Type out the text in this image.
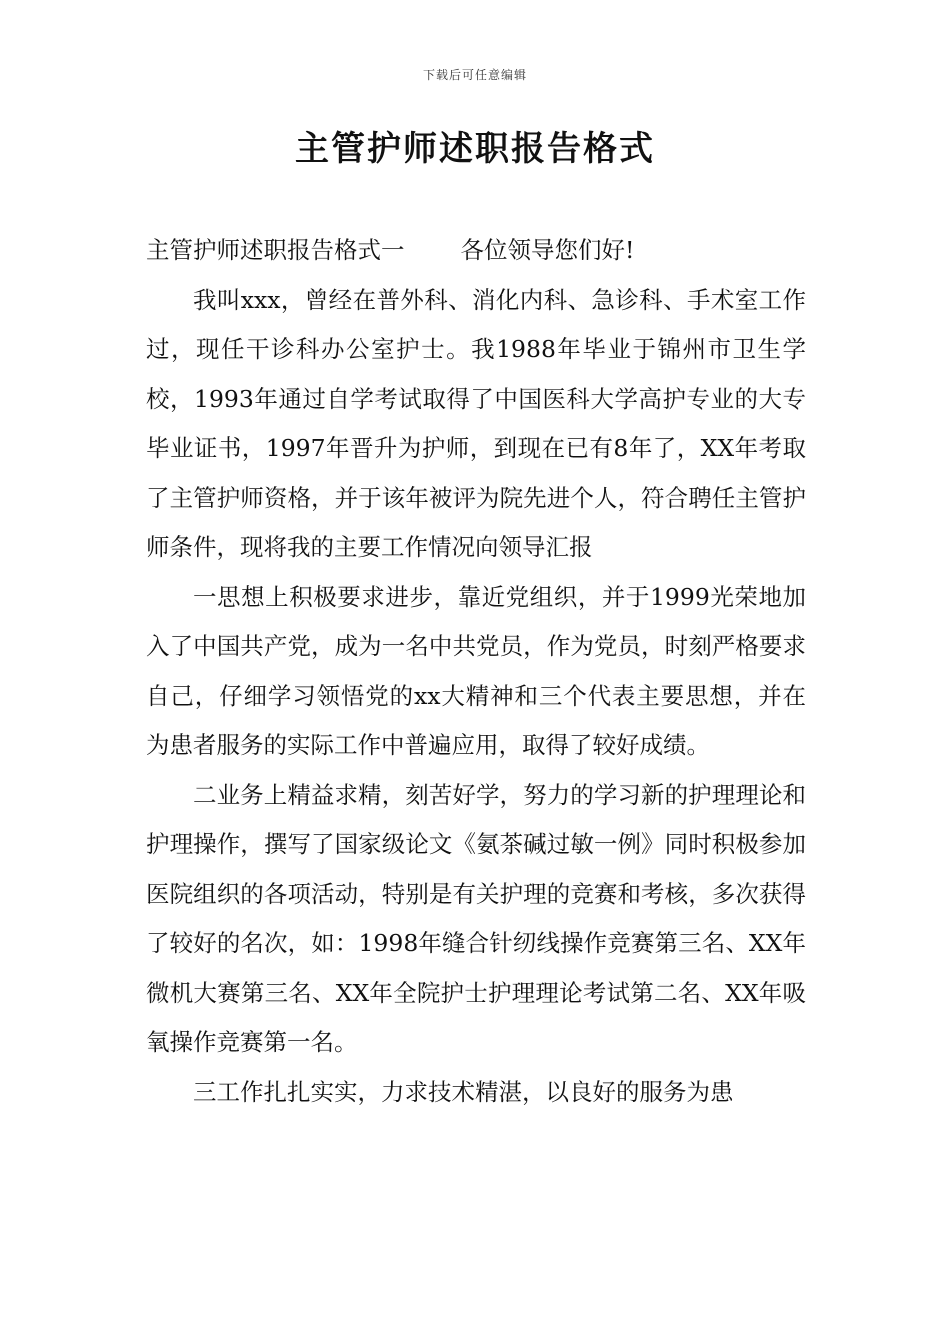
下载后可任意编辑
主管护师述职报告格式

主管护师述职报告格式一 各位领导您们好!

我叫xxx，曾经在普外科、消化内科、急诊科、手术室工作过，现任干诊科办公室护士。我1988年毕业于锦州市卫生学校，1993年通过自学考试取得了中国医科大学高护专业的大专毕业证书，1997年晋升为护师，到现在已有8年了，XX年考取了主管护师资格，并于该年被评为院先进个人，符合聘任主管护师条件，现将我的主要工作情况向领导汇报

一思想上积极要求进步，靠近党组织，并于1999光荣地加入了中国共产党，成为一名中共党员，作为党员，时刻严格要求自己，仔细学习领悟党的xx大精神和三个代表主要思想，并在为患者服务的实际工作中普遍应用，取得了较好成绩。

二业务上精益求精，刻苦好学，努力的学习新的护理理论和护理操作，撰写了国家级论文《氨茶碱过敏一例》同时积极参加医院组织的各项活动，特别是有关护理的竞赛和考核，多次获得了较好的名次，如：1998年缝合针纫线操作竞赛第三名、XX年微机大赛第三名、XX年全院护士护理理论考试第二名、XX年吸氧操作竞赛第一名。

三工作扎扎实实，力求技术精湛，以良好的服务为患
